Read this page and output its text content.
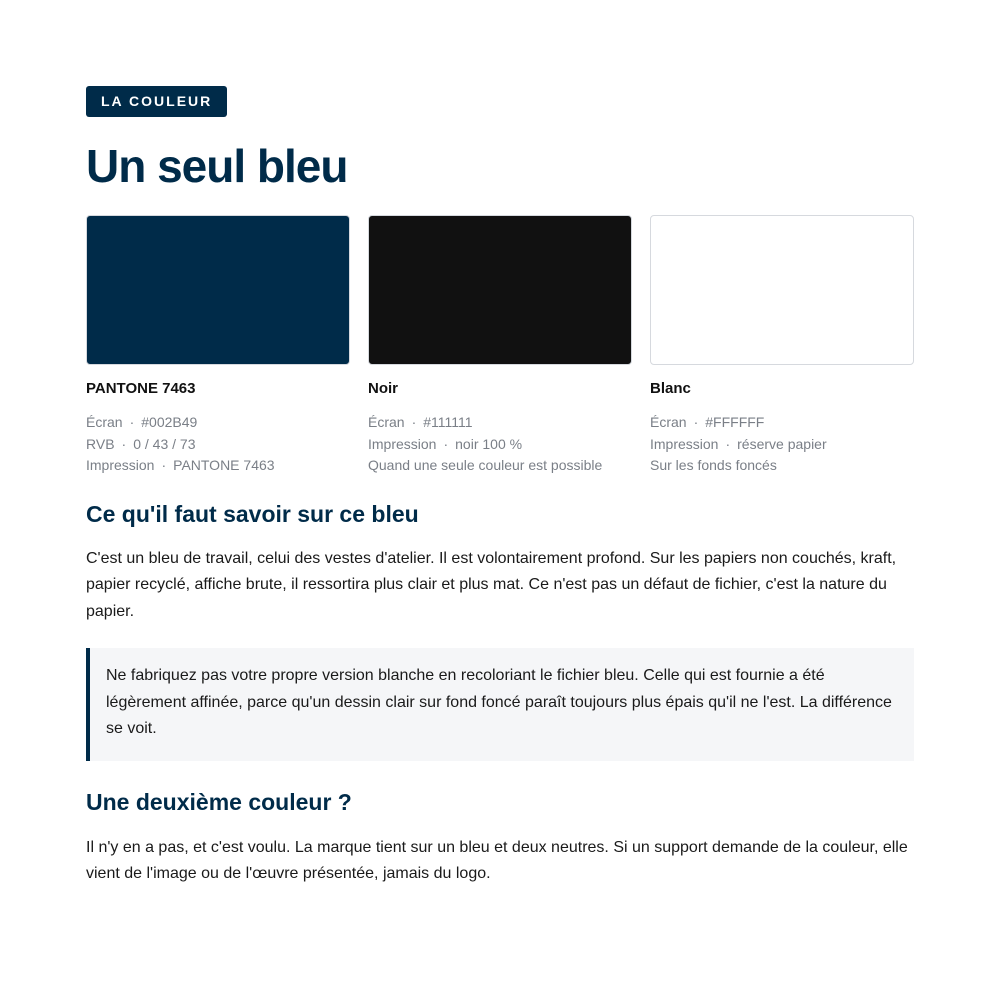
LA COULEUR
Un seul bleu
PANTONE 7463
Écran · #002B49
RVB · 0 / 43 / 73
Impression · PANTONE 7463
Noir
Écran · #111111
Impression · noir 100 %
Quand une seule couleur est possible
Blanc
Écran · #FFFFFF
Impression · réserve papier
Sur les fonds foncés
Ce qu'il faut savoir sur ce bleu

C'est un bleu de travail, celui des vestes d'atelier. Il est volontairement profond. Sur les papiers non couchés, kraft, papier recyclé, affiche brute, il ressortira plus clair et plus mat. Ce n'est pas un défaut de fichier, c'est la nature du papier.

Ne fabriquez pas votre propre version blanche en recoloriant le fichier bleu. Celle qui est fournie a été légèrement affinée, parce qu'un dessin clair sur fond foncé paraît toujours plus épais qu'il ne l'est. La différence se voit.
Une deuxième couleur ?

Il n'y en a pas, et c'est voulu. La marque tient sur un bleu et deux neutres. Si un support demande de la couleur, elle vient de l'image ou de l'œuvre présentée, jamais du logo.
